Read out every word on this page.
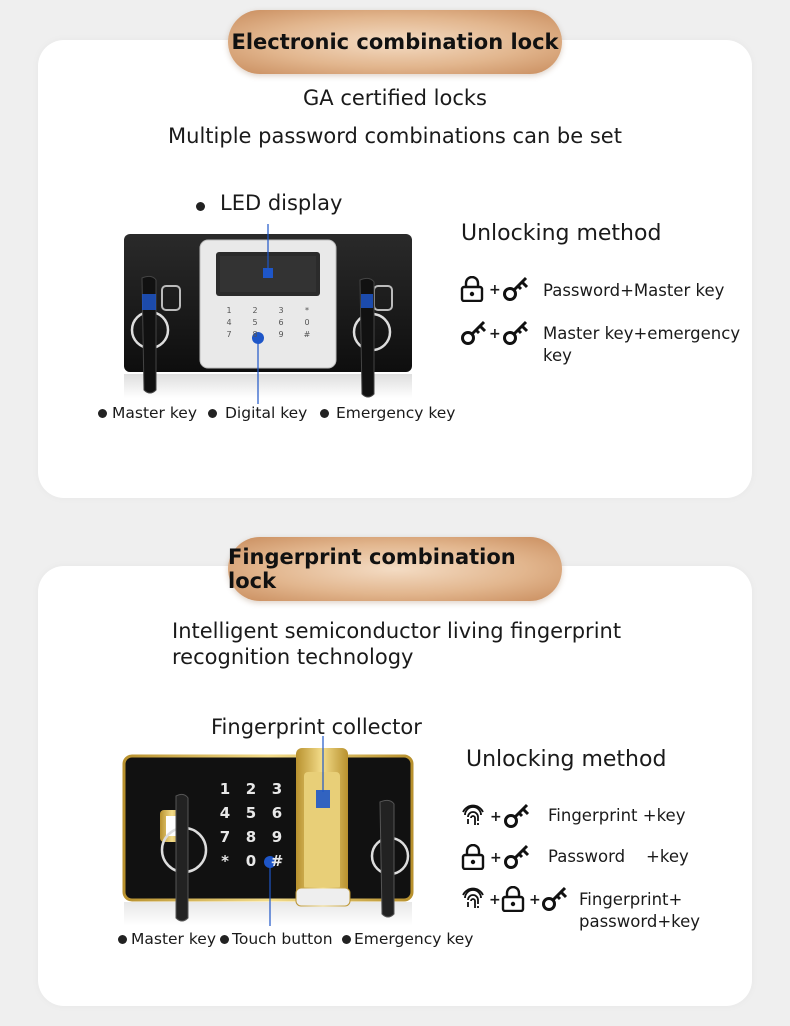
Electronic combination lock
GA certified locks
Multiple password combinations can be set
LED display
1	2	3	*
4	5	6	0
7	8	9	#
Master key Digital key Emergency key
Unlocking method
+	Password+Master key
+	Master key+emergency
key
Fingerprint combination lock
Intelligent semiconductor living fingerprint
recognition technology
Fingerprint collector
1	2	3
4	5	6
7	8	9
*	0 #
Master key Touch button Emergency key
Unlocking method
+	Fingerprint +key
+	Password    +key
+ + Fingerprint+
password+key
